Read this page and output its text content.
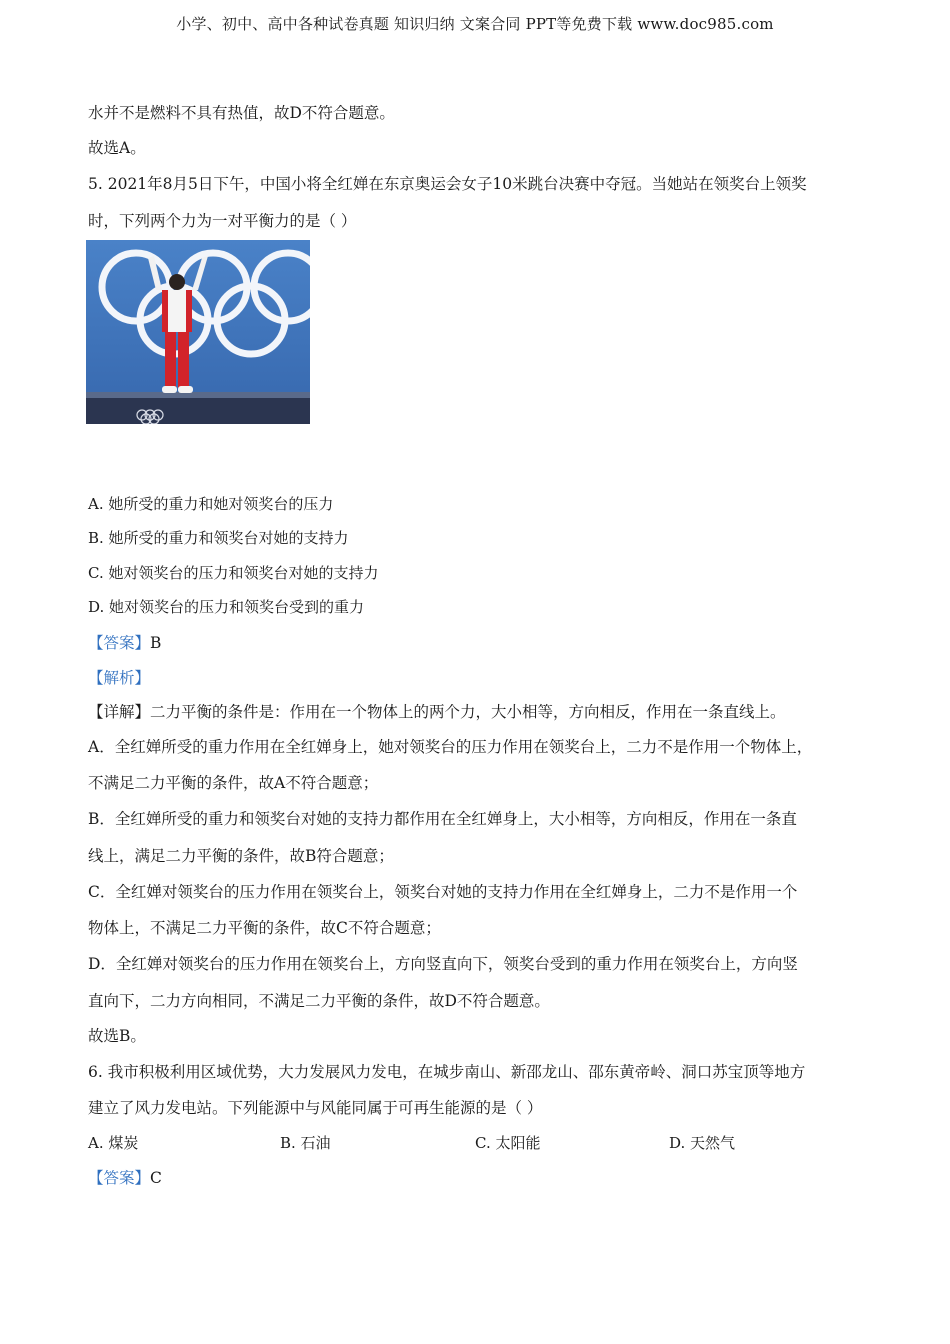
小学、初中、高中各种试卷真题 知识归纳 文案合同 PPT等免费下载 www.doc985.com
水并不是燃料不具有热值，故D不符合题意。
故选A。
5. 2021年8月5日下午，中国小将全红婵在东京奥运会女子10米跳台决赛中夺冠。当她站在领奖台上领奖
时，下列两个力为一对平衡力的是（ ）
A. 她所受的重力和她对领奖台的压力
B. 她所受的重力和领奖台对她的支持力
C. 她对领奖台的压力和领奖台对她的支持力
D. 她对领奖台的压力和领奖台受到的重力
【答案】B
【解析】
【详解】二力平衡的条件是：作用在一个物体上的两个力，大小相等，方向相反，作用在一条直线上。
A．全红婵所受的重力作用在全红婵身上，她对领奖台的压力作用在领奖台上，二力不是作用一个物体上，
不满足二力平衡的条件，故A不符合题意；
B．全红婵所受的重力和领奖台对她的支持力都作用在全红婵身上，大小相等，方向相反，作用在一条直
线上，满足二力平衡的条件，故B符合题意；
C．全红婵对领奖台的压力作用在领奖台上，领奖台对她的支持力作用在全红婵身上，二力不是作用一个
物体上，不满足二力平衡的条件，故C不符合题意；
D．全红婵对领奖台的压力作用在领奖台上，方向竖直向下，领奖台受到的重力作用在领奖台上，方向竖
直向下，二力方向相同，不满足二力平衡的条件，故D不符合题意。
故选B。
6. 我市积极利用区域优势，大力发展风力发电，在城步南山、新邵龙山、邵东黄帝岭、洞口苏宝顶等地方
建立了风力发电站。下列能源中与风能同属于可再生能源的是（ ）
A. 煤炭	B. 石油	C. 太阳能	D. 天然气
【答案】C
